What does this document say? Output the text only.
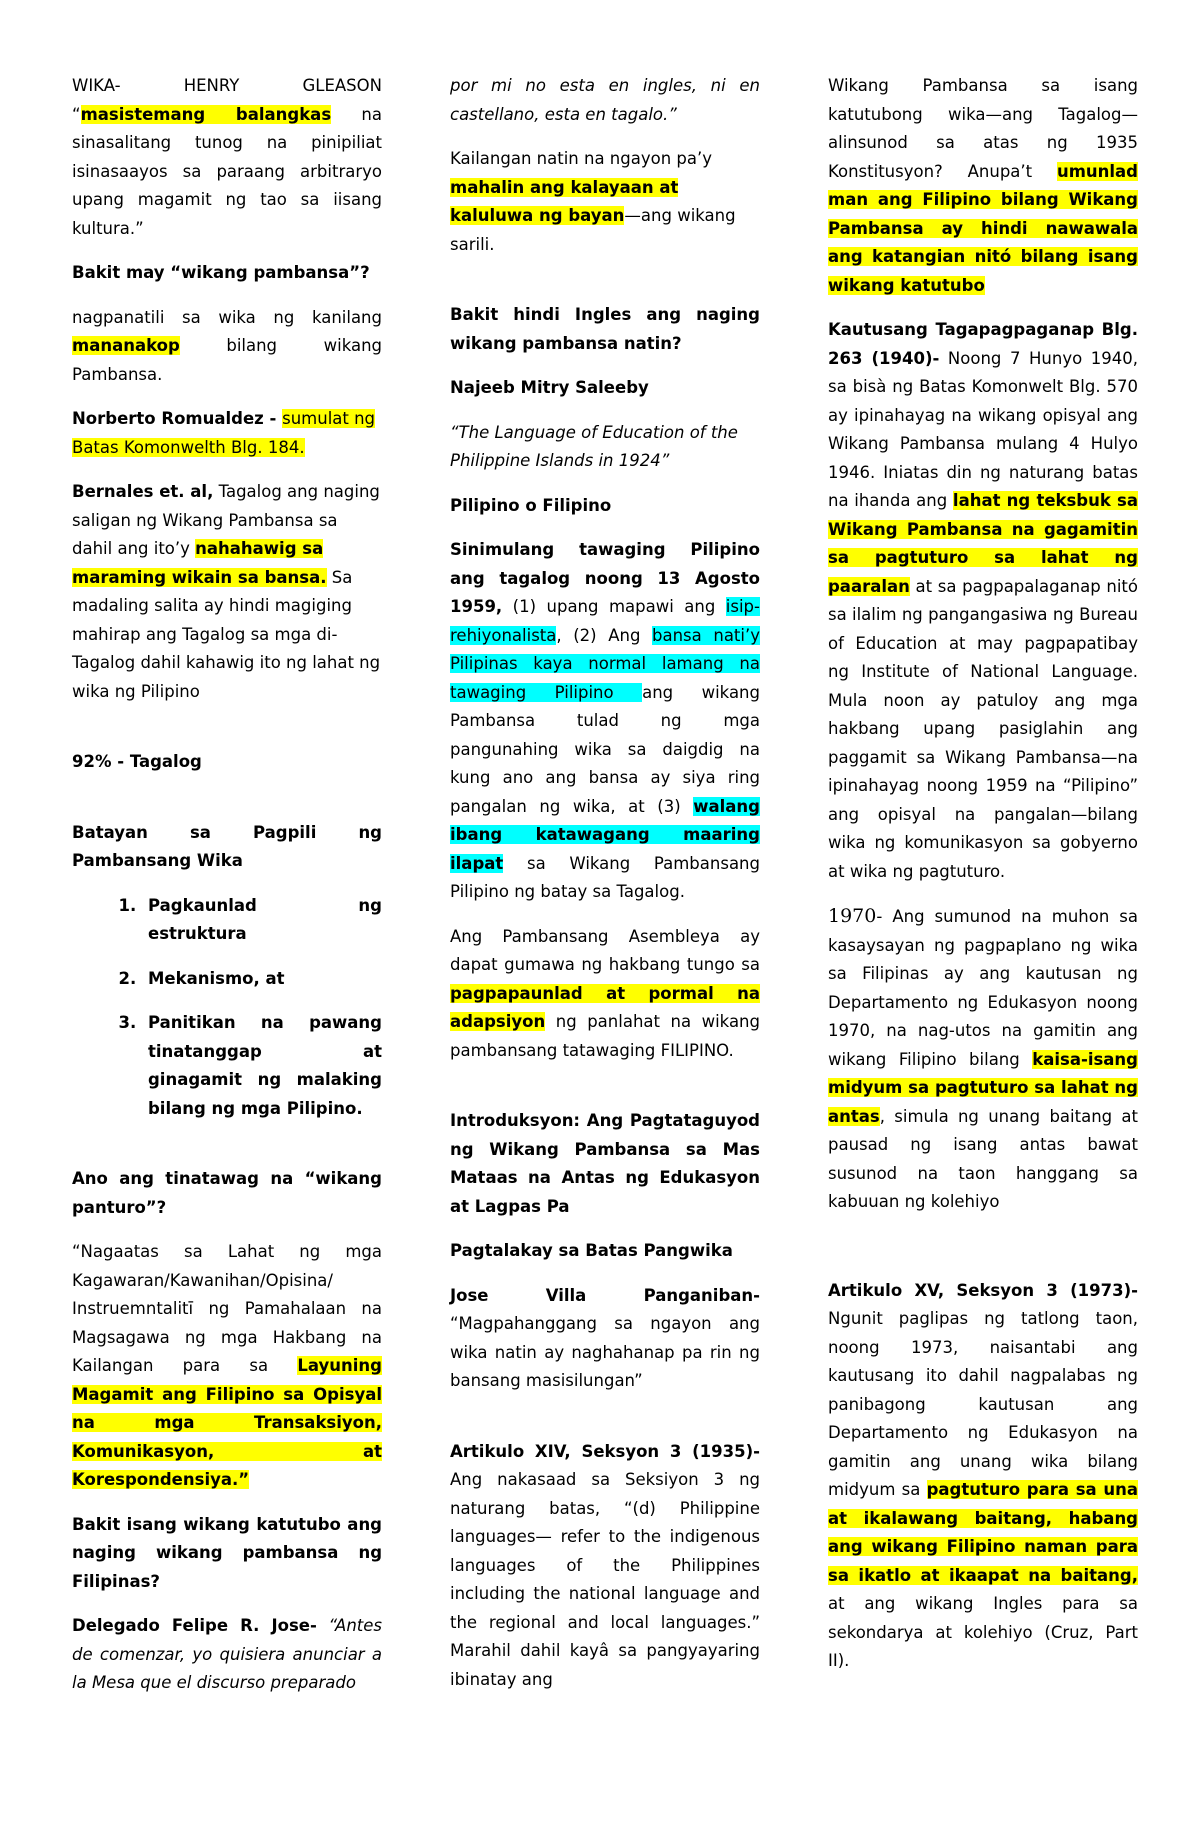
WIKA- HENRY GLEASON “masistemang balangkas na sinasalitang tunog na pinipiliat isinasaayos sa paraang arbitraryo upang magamit ng tao sa iisang kultura.”

Bakit may “wikang pambansa”?

nagpanatili sa wika ng kanilang mananakop bilang wikang Pambansa.

Norberto Romualdez - sumulat ng Batas Komonwelth Blg. 184.

Bernales et. al, Tagalog ang naging saligan ng Wikang Pambansa sa dahil ang ito’y nahahawig sa maraming wikain sa bansa. Sa madaling salita ay hindi magiging mahirap ang Tagalog sa mga di-Tagalog dahil kahawig ito ng lahat ng wika ng Pilipino

92% - Tagalog

Batayan sa Pagpili ng Pambansang Wika

1. Pagkaunlad ng estruktura
2. Mekanismo, at
3. Panitikan na pawang tinatanggap at ginagamit ng malaking bilang ng mga Pilipino.

Ano ang tinatawag na “wikang panturo”?

“Nagaatas sa Lahat ng mga Kagawaran/Kawanihan/Opisina/ Instruemntalitī ng Pamahalaan na Magsagawa ng mga Hakbang na Kailangan para sa Layuning Magamit ang Filipino sa Opisyal na mga Transaksiyon, Komunikasyon, at Korespondensiya.”

Bakit isang wikang katutubo ang naging wikang pambansa ng Filipinas?

Delegado Felipe R. Jose- “Antes de comenzar, yo quisiera anunciar a la Mesa que el discurso preparado

por mi no esta en ingles, ni en castellano, esta en tagalo.”

Kailangan natin na ngayon pa’y mahalin ang kalayaan at kaluluwa ng bayan—ang wikang sarili.

Bakit hindi Ingles ang naging wikang pambansa natin?

Najeeb Mitry Saleeby

“The Language of Education of the Philippine Islands in 1924”

Pilipino o Filipino

Sinimulang tawaging Pilipino ang tagalog noong 13 Agosto 1959, (1) upang mapawi ang isip-rehiyonalista, (2) Ang bansa nati’y Pilipinas kaya normal lamang na tawaging Pilipino ang wikang Pambansa tulad ng mga pangunahing wika sa daigdig na kung ano ang bansa ay siya ring pangalan ng wika, at (3) walang ibang katawagang maaring ilapat sa Wikang Pambansang Pilipino ng batay sa Tagalog.

Ang Pambansang Asembleya ay dapat gumawa ng hakbang tungo sa pagpapaunlad at pormal na adapsiyon ng panlahat na wikang pambansang tatawaging FILIPINO.

Introduksyon: Ang Pagtataguyod ng Wikang Pambansa sa Mas Mataas na Antas ng Edukasyon at Lagpas Pa

Pagtalakay sa Batas Pangwika

Jose Villa Panganiban- “Magpahanggang sa ngayon ang wika natin ay naghahanap pa rin ng bansang masisilungan”

Artikulo XIV, Seksyon 3 (1935)- Ang nakasaad sa Seksiyon 3 ng naturang batas, “(d) Philippine languages— refer to the indigenous languages of the Philippines including the national language and the regional and local languages.” Marahil dahil kayâ sa pangyayaring ibinatay ang

Wikang Pambansa sa isang katutubong wika—ang Tagalog—alinsunod sa atas ng 1935 Konstitusyon? Anupa’t umunlad man ang Filipino bilang Wikang Pambansa ay hindi nawawala ang katangian nitó bilang isang wikang katutubo

Kautusang Tagapagpaganap Blg. 263 (1940)- Noong 7 Hunyo 1940, sa bisà ng Batas Komonwelt Blg. 570 ay ipinahayag na wikang opisyal ang Wikang Pambansa mulang 4 Hulyo 1946. Iniatas din ng naturang batas na ihanda ang lahat ng teksbuk sa Wikang Pambansa na gagamitin sa pagtuturo sa lahat ng paaralan at sa pagpapalaganap nitó sa ilalim ng pangangasiwa ng Bureau of Education at may pagpapatibay ng Institute of National Language. Mula noon ay patuloy ang mga hakbang upang pasiglahin ang paggamit sa Wikang Pambansa—na ipinahayag noong 1959 na “Pilipino” ang opisyal na pangalan—bilang wika ng komunikasyon sa gobyerno at wika ng pagtuturo.

1970- Ang sumunod na muhon sa kasaysayan ng pagpaplano ng wika sa Filipinas ay ang kautusan ng Departamento ng Edukasyon noong 1970, na nag-utos na gamitin ang wikang Filipino bilang kaisa-isang midyum sa pagtuturo sa lahat ng antas, simula ng unang baitang at pausad ng isang antas bawat susunod na taon hanggang sa kabuuan ng kolehiyo

Artikulo XV, Seksyon 3 (1973)- Ngunit paglipas ng tatlong taon, noong 1973, naisantabi ang kautusang ito dahil nagpalabas ng panibagong kautusan ang Departamento ng Edukasyon na gamitin ang unang wika bilang midyum sa pagtuturo para sa una at ikalawang baitang, habang ang wikang Filipino naman para sa ikatlo at ikaapat na baitang, at ang wikang Ingles para sa sekondarya at kolehiyo (Cruz, Part II).
